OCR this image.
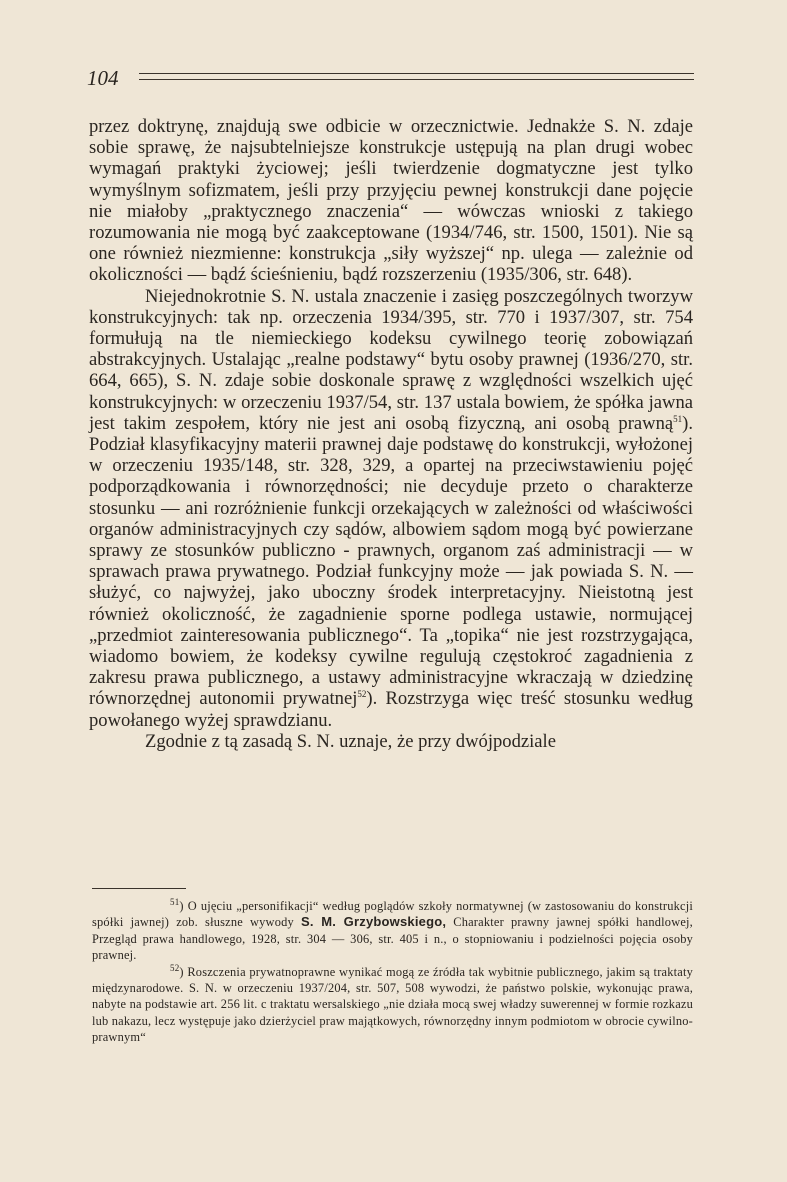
104

przez doktrynę, znajdują swe odbicie w orzecznictwie. Jednakże S. N. zdaje sobie sprawę, że najsubtelniejsze konstrukcje ustępują na plan drugi wobec wymagań praktyki życiowej; jeśli twierdzenie dogmatyczne jest tylko wymyślnym sofizmatem, jeśli przy przyjęciu pewnej konstrukcji dane pojęcie nie miałoby „praktycznego znaczenia“ — wówczas wnioski z takiego rozumowania nie mogą być zaakceptowane (1934/746, str. 1500, 1501). Nie są one również niezmienne: konstrukcja „siły wyższej“ np. ulega — zależnie od okoliczności — bądź ścieśnieniu, bądź rozszerzeniu (1935/306, str. 648).

Niejednokrotnie S. N. ustala znaczenie i zasięg poszczególnych tworzyw konstrukcyjnych: tak np. orzeczenia 1934/395, str. 770 i 1937/307, str. 754 formułują na tle niemieckiego kodeksu cywilnego teorię zobowiązań abstrakcyjnych. Ustalając „realne podstawy“ bytu osoby prawnej (1936/270, str. 664, 665), S. N. zdaje sobie doskonale sprawę z względności wszelkich ujęć konstrukcyjnych: w orzeczeniu 1937/54, str. 137 ustala bowiem, że spółka jawna jest takim zespołem, który nie jest ani osobą fizyczną, ani osobą prawną$^{51}$). Podział klasyfikacyjny materii prawnej daje podstawę do konstrukcji, wyłożonej w orzeczeniu 1935/148, str. 328, 329, a opartej na przeciwstawieniu pojęć podporządkowania i równorzędności; nie decyduje przeto o charakterze stosunku — ani rozróżnienie funkcji orzekających w zależności od właściwości organów administracyjnych czy sądów, albowiem sądom mogą być powierzane sprawy ze stosunków publiczno - prawnych, organom zaś administracji — w sprawach prawa prywatnego. Podział funkcyjny może — jak powiada S. N. — służyć, co najwyżej, jako uboczny środek interpretacyjny. Nieistotną jest również okoliczność, że zagadnienie sporne podlega ustawie, normującej „przedmiot zainteresowania publicznego“. Ta „topika“ nie jest rozstrzygająca, wiadomo bowiem, że kodeksy cywilne regulują częstokroć zagadnienia z zakresu prawa publicznego, a ustawy administracyjne wkraczają w dziedzinę równorzędnej autonomii prywatnej$^{52}$). Rozstrzyga więc treść stosunku według powołanego wyżej sprawdzianu.

Zgodnie z tą zasadą S. N. uznaje, że przy dwójpodziale

$^{51}$) O ujęciu „personifikacji“ według poglądów szkoły normatywnej (w zastosowaniu do konstrukcji spółki jawnej) zob. słuszne wywody S. M. Grzybowskiego, Charakter prawny jawnej spółki handlowej, Przegląd prawa handlowego, 1928, str. 304 — 306, str. 405 i n., o stopniowaniu i podzielności pojęcia osoby prawnej.

$^{52}$) Roszczenia prywatnoprawne wynikać mogą ze źródła tak wybitnie publicznego, jakim są traktaty międzynarodowe. S. N. w orzeczeniu 1937/204, str. 507, 508 wywodzi, że państwo polskie, wykonując prawa, nabyte na podstawie art. 256 lit. c traktatu wersalskiego „nie działa mocą swej władzy suwerennej w formie rozkazu lub nakazu, lecz występuje jako dzierżyciel praw majątkowych, równorzędny innym podmiotom w obrocie cywilno-prawnym“
